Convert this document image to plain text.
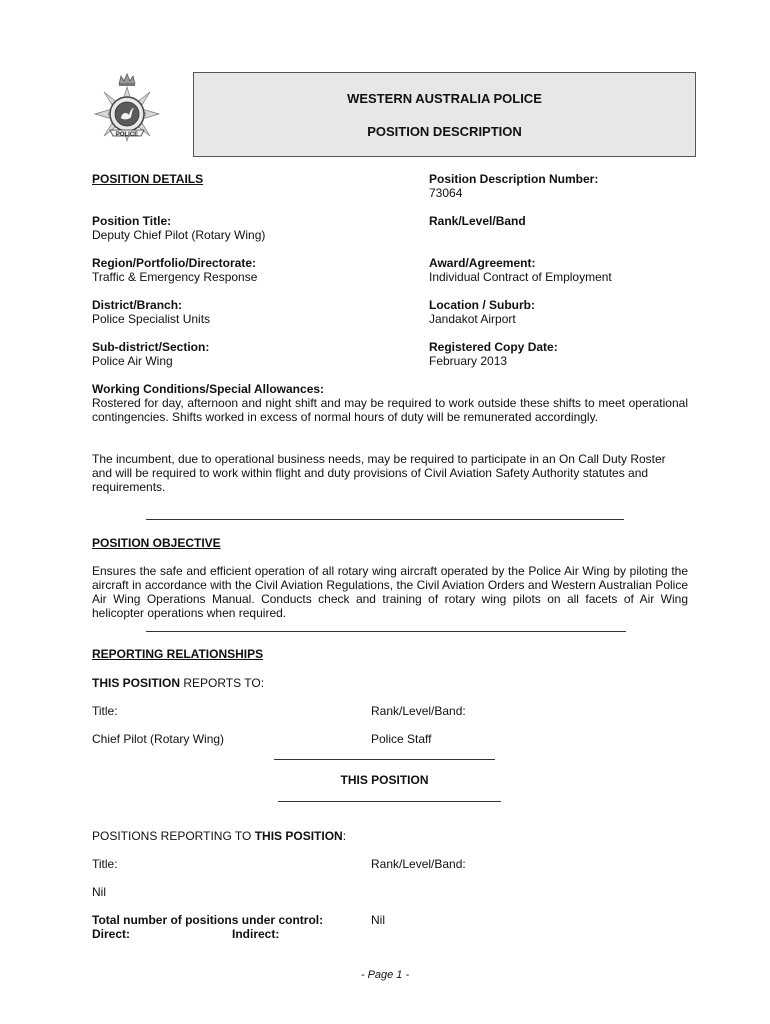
POLICE
WESTERN AUSTRALIA POLICE
POSITION DESCRIPTION
POSITION DETAILS	Position Description Number:
73064
Position Title:
Deputy Chief Pilot (Rotary Wing)
Rank/Level/Band
Region/Portfolio/Directorate:
Traffic & Emergency Response
Award/Agreement:
Individual Contract of Employment
District/Branch:
Police Specialist Units
Location / Suburb:
Jandakot Airport
Sub-district/Section:
Police Air Wing
Registered Copy Date:
February 2013
Working Conditions/Special Allowances:
Rostered for day, afternoon and night shift and may be required to work outside these shifts to meet operational contingencies. Shifts worked in excess of normal hours of duty will be remunerated accordingly.
The incumbent, due to operational business needs, may be required to participate in an On Call Duty Roster and will be required to work within flight and duty provisions of Civil Aviation Safety Authority statutes and requirements.
POSITION OBJECTIVE
Ensures the safe and efficient operation of all rotary wing aircraft operated by the Police Air Wing by piloting the aircraft in accordance with the Civil Aviation Regulations, the Civil Aviation Orders and Western Australian Police Air Wing Operations Manual. Conducts check and training of rotary wing pilots on all facets of Air Wing helicopter operations when required.
REPORTING RELATIONSHIPS
THIS POSITION REPORTS TO:
Title:	Rank/Level/Band:
Chief Pilot (Rotary Wing)	Police Staff
THIS POSITION
POSITIONS REPORTING TO THIS POSITION:
Title:	Rank/Level/Band:
Nil
Total number of positions under control:	Nil
Direct:	Indirect:
- Page 1 -
